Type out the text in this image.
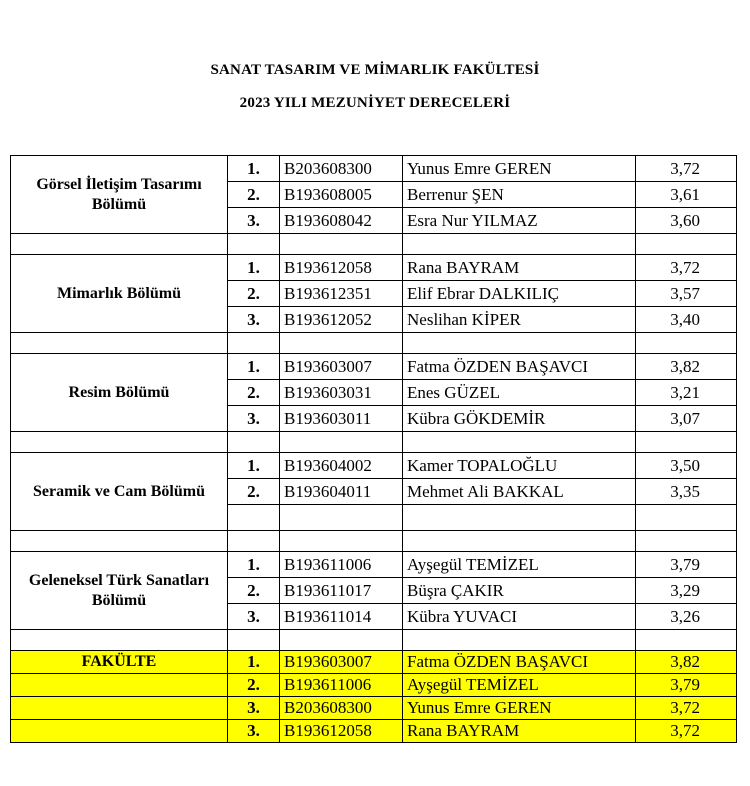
SANAT TASARIM VE MİMARLIK FAKÜLTESİ
2023 YILI MEZUNİYET DERECELERİ
Görsel İletişim Tasarımı Bölümü	1.	B203608300	Yunus Emre GEREN	3,72
	2.	B193608005	Berrenur ŞEN	3,61
	3.	B193608042	Esra Nur YILMAZ	3,60

Mimarlık Bölümü	1.	B193612058	Rana BAYRAM	3,72
	2.	B193612351	Elif Ebrar DALKILIÇ	3,57
	3.	B193612052	Neslihan KİPER	3,40

Resim Bölümü	1.	B193603007	Fatma ÖZDEN BAŞAVCI	3,82
	2.	B193603031	Enes GÜZEL	3,21
	3.	B193603011	Kübra GÖKDEMİR	3,07

Seramik ve Cam Bölümü	1.	B193604002	Kamer TOPALOĞLU	3,50
	2.	B193604011	Mehmet Ali BAKKAL	3,35

Geleneksel Türk Sanatları Bölümü	1.	B193611006	Ayşegül TEMİZEL	3,79
	2.	B193611017	Büşra ÇAKIR	3,29
	3.	B193611014	Kübra YUVACI	3,26

FAKÜLTE	1.	B193603007	Fatma ÖZDEN BAŞAVCI	3,82
	2.	B193611006	Ayşegül TEMİZEL	3,79
	3.	B203608300	Yunus Emre GEREN	3,72
	3.	B193612058	Rana BAYRAM	3,72
